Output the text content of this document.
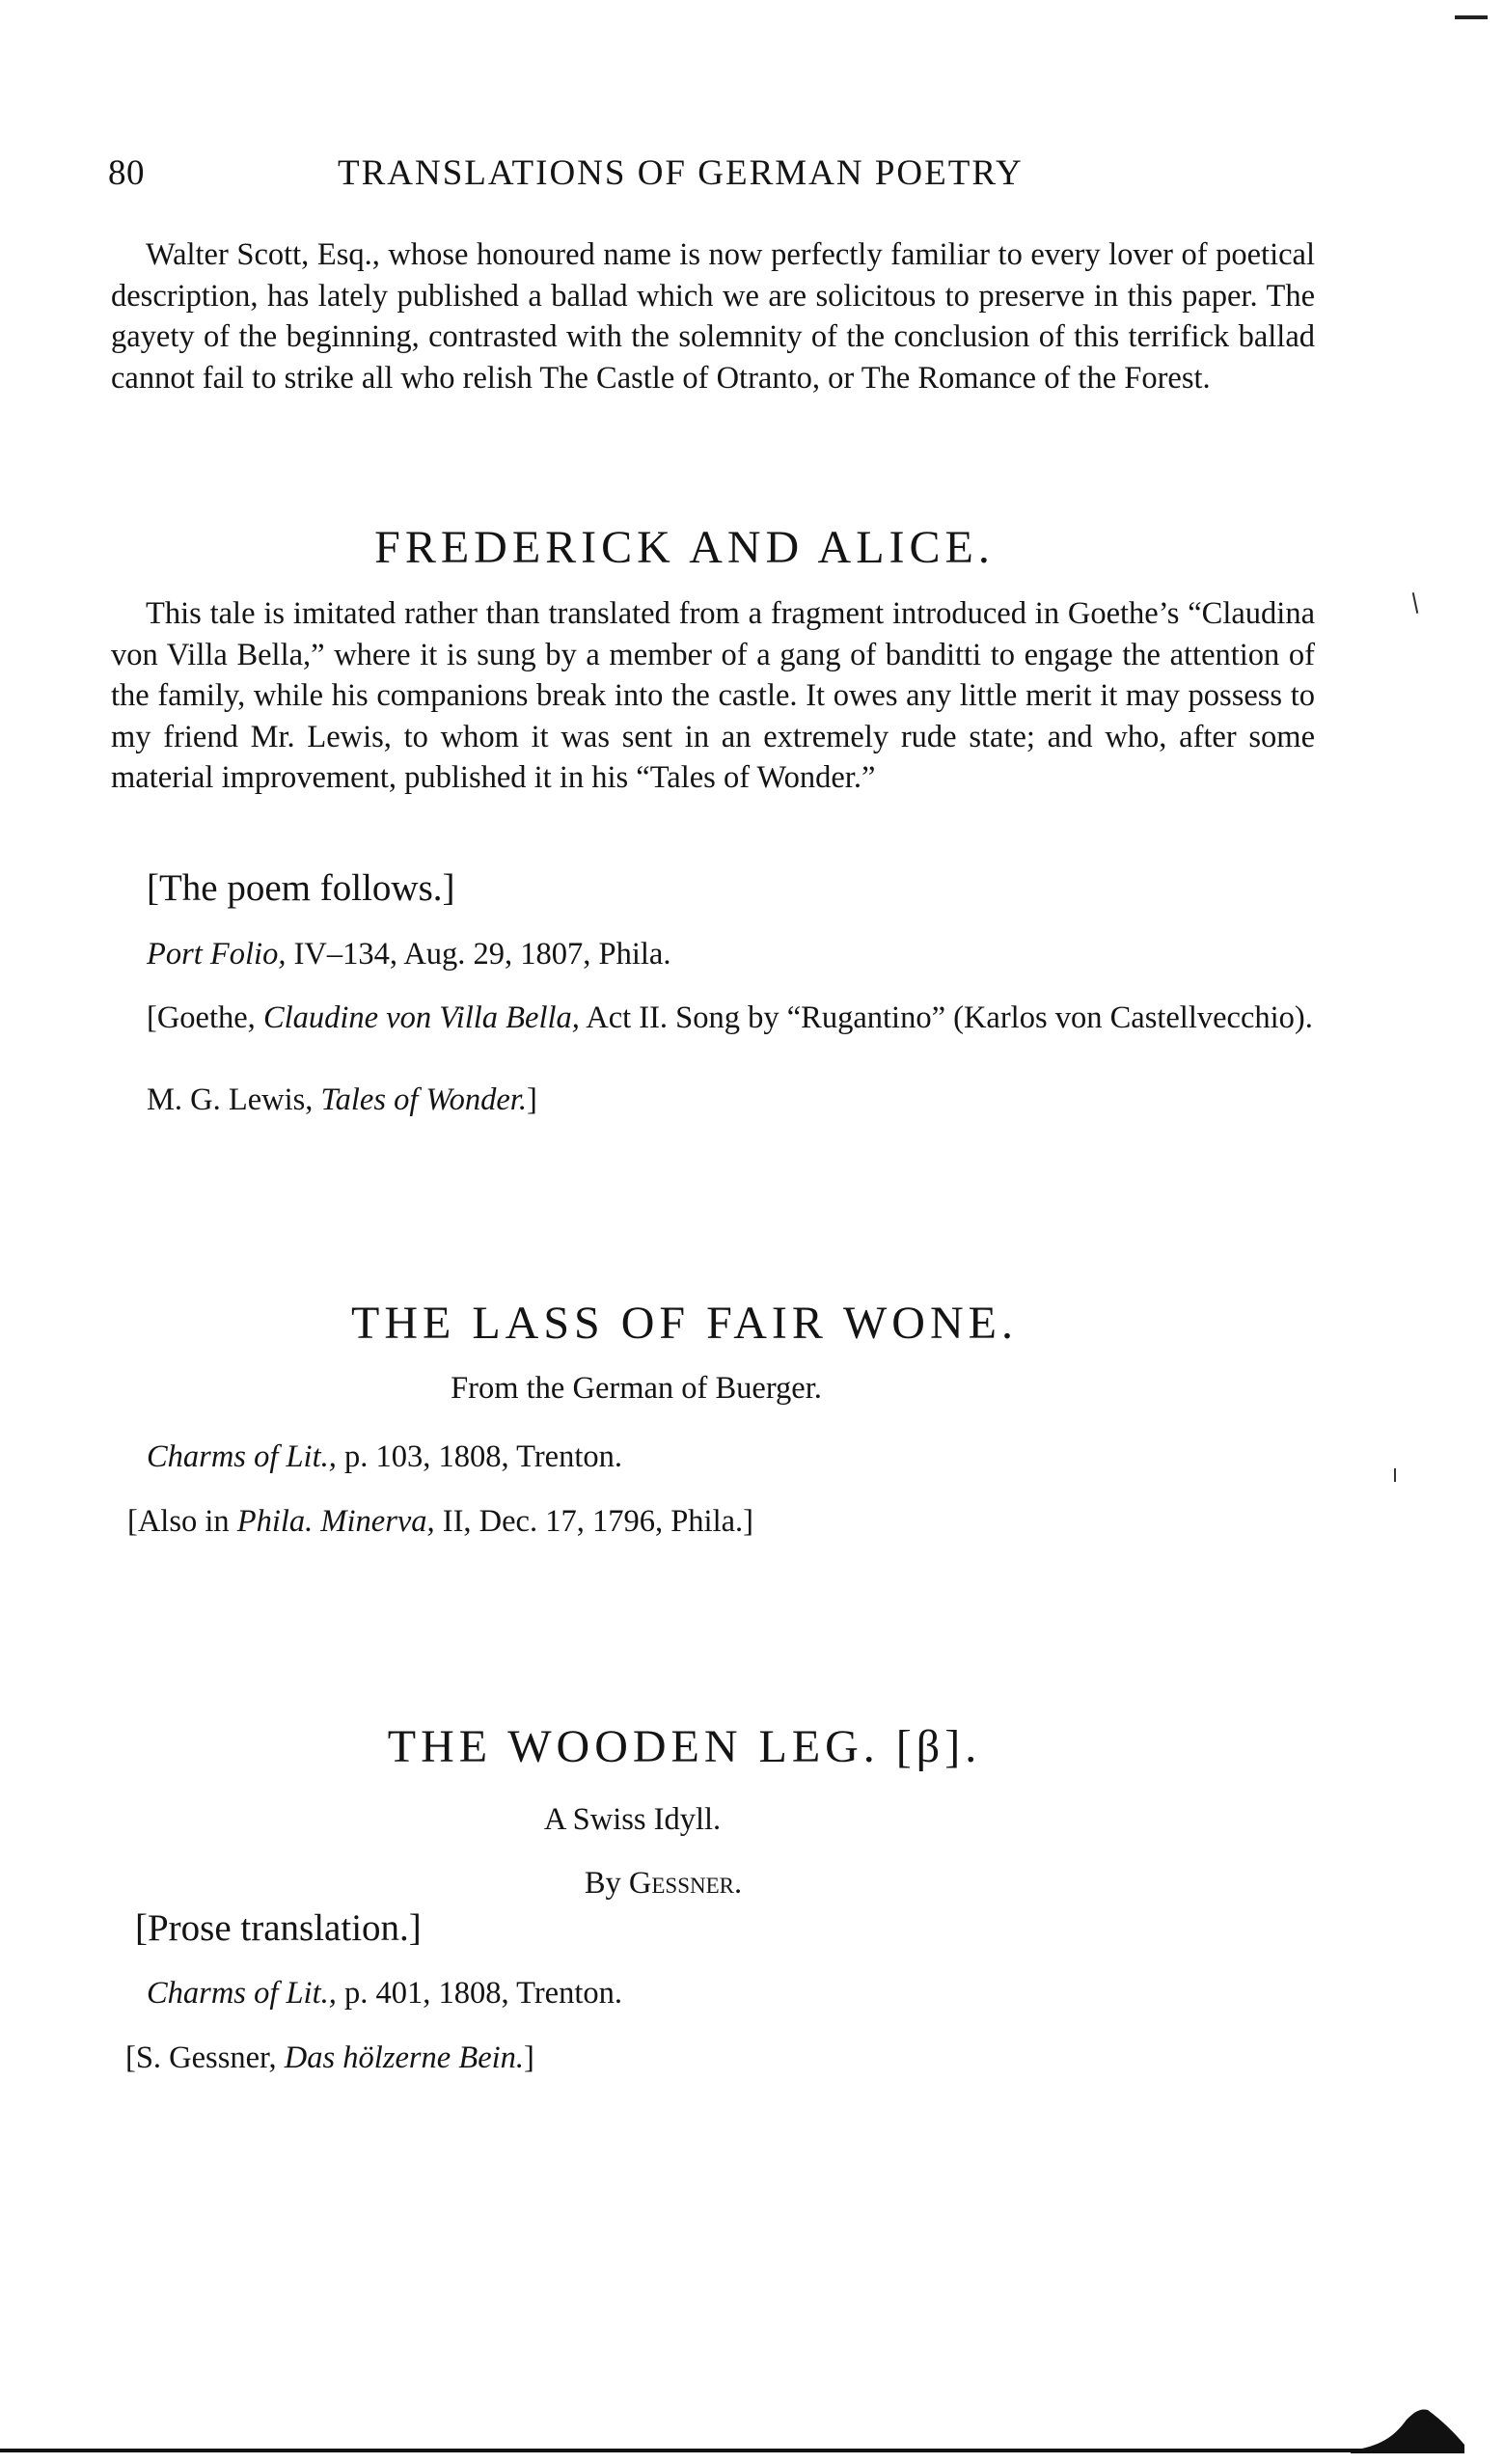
80	TRANSLATIONS OF GERMAN POETRY

Walter Scott, Esq., whose honoured name is now perfectly familiar to every lover of poetical description, has lately published a ballad which we are solicitous to preserve in this paper. The gayety of the beginning, contrasted with the solemnity of the conclusion of this terrifick ballad cannot fail to strike all who relish The Castle of Otranto, or The Romance of the Forest.

FREDERICK AND ALICE.

This tale is imitated rather than translated from a fragment introduced in Goethe’s “Claudina von Villa Bella,” where it is sung by a member of a gang of banditti to engage the attention of the family, while his companions break into the castle. It owes any little merit it may possess to my friend Mr. Lewis, to whom it was sent in an extremely rude state; and who, after some material improvement, published it in his “Tales of Wonder.”

[The poem follows.]
Port Folio, IV–134, Aug. 29, 1807, Phila.
[Goethe, Claudine von Villa Bella, Act II. Song by “Rugantino” (Karlos von Castellvecchio).
M. G. Lewis, Tales of Wonder.]
THE LASS OF FAIR WONE.
From the German of Buerger.
Charms of Lit., p. 103, 1808, Trenton.
[Also in Phila. Minerva, II, Dec. 17, 1796, Phila.]
THE WOODEN LEG. [β].
A Swiss Idyll.
By Gessner.
[Prose translation.]
Charms of Lit., p. 401, 1808, Trenton.
[S. Gessner, Das hölzerne Bein.]
